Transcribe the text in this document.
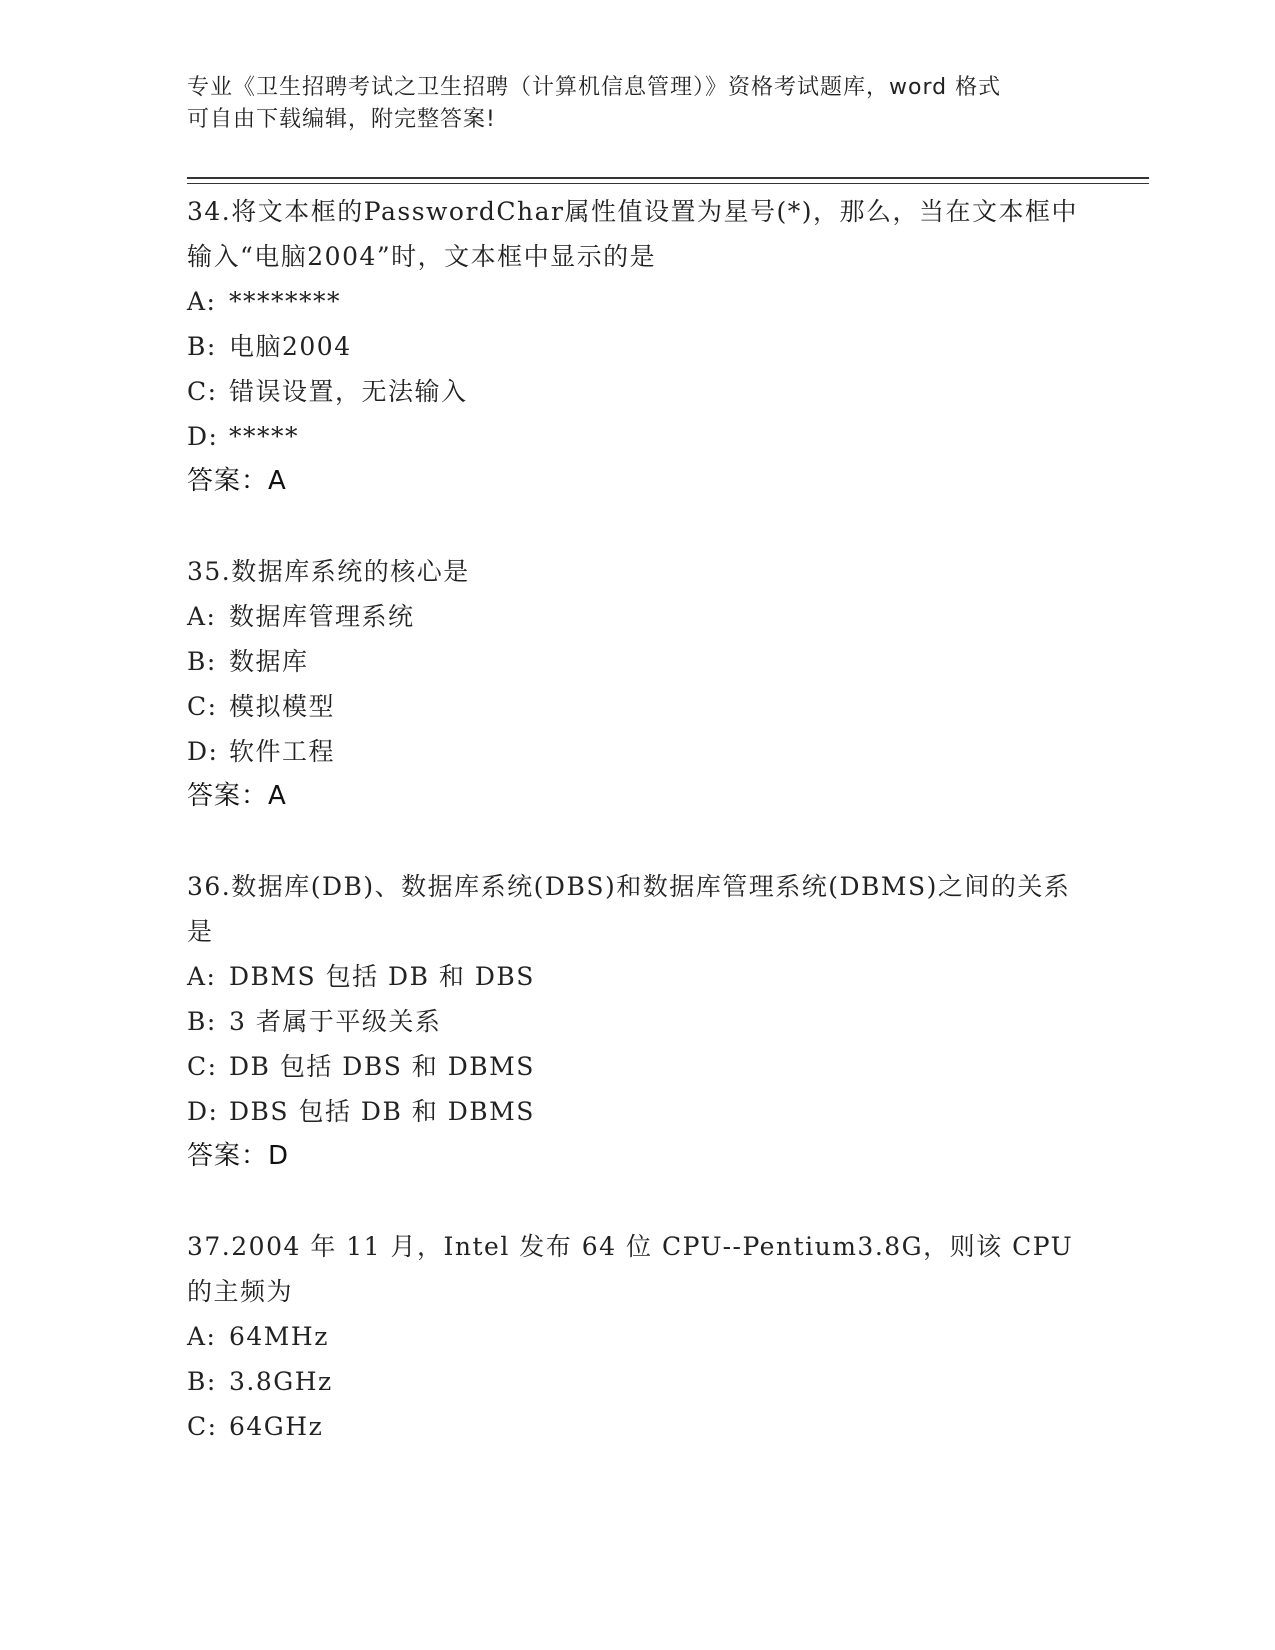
专业《卫生招聘考试之卫生招聘（计算机信息管理）》资格考试题库，word 格式
可自由下载编辑，附完整答案!

34.将文本框的PasswordChar属性值设置为星号(*)，那么，当在文本框中输入“电脑2004”时，文本框中显示的是

A: ********
B: 电脑2004
C: 错误设置，无法输入
D: *****
答案：A

35.数据库系统的核心是

A: 数据库管理系统
B: 数据库
C: 模拟模型
D: 软件工程
答案：A

36.数据库(DB)、数据库系统(DBS)和数据库管理系统(DBMS)之间的关系是

A: DBMS 包括 DB 和 DBS
B: 3 者属于平级关系
C: DB 包括 DBS 和 DBMS
D: DBS 包括 DB 和 DBMS
答案：D

37.2004 年 11 月，Intel 发布 64 位 CPU--Pentium3.8G，则该 CPU 的主频为

A: 64MHz
B: 3.8GHz
C: 64GHz
